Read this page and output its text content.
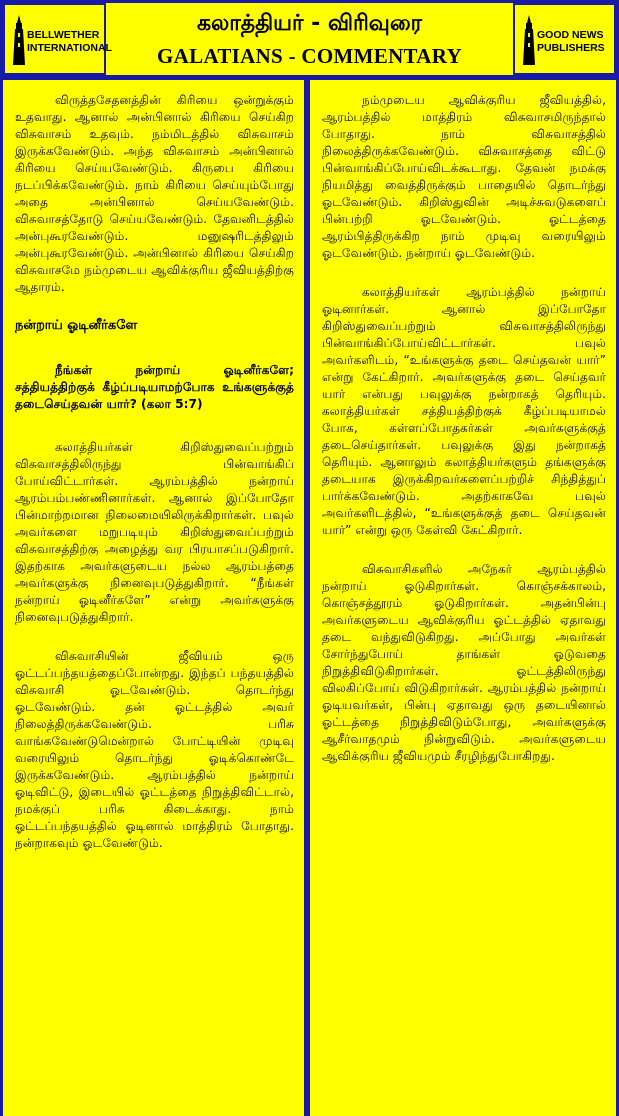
BELLWETHER
INTERNATIONAL
கலாத்தியர் - விரிவுரை
GALATIANS - COMMENTARY
GOOD NEWS
PUBLISHERS

விருத்தசேதனத்தின் கிரியை ஒன்றுக்கும் உதவாது. ஆனால் அன்பினால் கிரியை செய்கிற விசுவாசம் உதவும். நம்மிடத்தில் விசுவாசம் இருக்கவேண்டும். அந்த விசுவாசம் அன்பினால் கிரியை செய்யவேண்டும். கிருபை கிரியை நடப்பிக்கவேண்டும். நாம் கிரியை செய்யும்போது அதை அன்பினால் செய்யவேண்டும். விசுவாசத்தோடு செய்யவேண்டும். தேவனிடத்தில் அன்புகூரவேண்டும். மனுஷரிடத்திலும் அன்புகூரவேண்டும். அன்பினால் கிரியை செய்கிற விசுவாசமே நம்முடைய ஆவிக்குரிய ஜீவியத்திற்கு ஆதாரம்.

நன்றாய் ஓடினீர்களே

நீங்கள் நன்றாய் ஓடினீர்களே; சத்தியத்திற்குக் கீழ்ப்படியாமற்போக உங்களுக்குத் தடைசெய்தவன் யார்? (கலா 5:7)

கலாத்தியர்கள் கிறிஸ்துவைப்பற்றும் விசுவாசத்திலிருந்து பின்வாங்கிப் போய்விட்டார்கள். ஆரம்பத்தில் நன்றாய் ஆரம்பம்பண்ணினார்கள். ஆனால் இப்போதோ பின்மாற்றமான நிலைமையிலிருக்கிறார்கள். பவுல் அவர்களை மறுபடியும் கிறிஸ்துவைப்பற்றும் விசுவாசத்திற்கு அழைத்து வர பிரயாசப்படுகிறார். இதற்காக அவர்களுடைய நல்ல ஆரம்பத்தை அவர்களுக்கு நினைவுபடுத்துகிறார். “நீங்கள் நன்றாய் ஓடினீர்களே” என்று அவர்களுக்கு நினைவுபடுத்துகிறார்.

விசுவாசியின் ஜீவியம் ஒரு ஓட்டப்பந்தயத்தைப்போன்றது. இந்தப் பந்தயத்தில் விசுவாசி ஓடவேண்டும். தொடர்ந்து ஓடவேண்டும். தன் ஓட்டத்தில் அவர் நிலைத்திருக்கவேண்டும். பரிசு வாங்கவேண்டுமென்றால் போட்டியின் முடிவு வரையிலும் தொடர்ந்து ஓடிக்கொண்டே இருக்கவேண்டும். ஆரம்பத்தில் நன்றாய் ஓடிவிட்டு, இடையில் ஓட்டத்தை நிறுத்திவிட்டால், நமக்குப் பரிசு கிடைக்காது. நாம் ஓட்டப்பந்தயத்தில் ஓடினால் மாத்திரம் போதாது. நன்றாகவும் ஓடவேண்டும்.

நம்முடைய ஆவிக்குரிய ஜீவியத்தில், ஆரம்பத்தில் மாத்திரம் விசுவாசமிருந்தால் போதாது. நாம் விசுவாசத்தில் நிலைத்திருக்கவேண்டும். விசுவாசத்தை விட்டு பின்வாங்கிப்போய்விடக்கூடாது. தேவன் நமக்கு நியமித்து வைத்திருக்கும் பாதையில் தொடர்ந்து ஓடவேண்டும். கிறிஸ்துவின் அடிச்சுவடுகளைப் பின்பற்றி ஓடவேண்டும். ஓட்டத்தை ஆரம்பித்திருக்கிற நாம் முடிவு வரையிலும் ஓடவேண்டும். நன்றாய் ஓடவேண்டும்.

கலாத்தியர்கள் ஆரம்பத்தில் நன்றாய் ஓடினார்கள். ஆனால் இப்போதோ கிறிஸ்துவைப்பற்றும் விசுவாசத்திலிருந்து பின்வாங்கிப்போய்விட்டார்கள். பவுல் அவர்களிடம், “உங்களுக்கு தடை செய்தவன் யார்” என்று கேட்கிறார். அவர்களுக்கு தடை செய்தவர் யார் என்பது பவுலுக்கு நன்றாகத் தெரியும். கலாத்தியர்கள் சத்தியத்திற்குக் கீழ்ப்படியாமல் போக, கள்ளப்போதகர்கள் அவர்களுக்குத் தடைசெய்தார்கள். பவுலுக்கு இது நன்றாகத் தெரியும். ஆனாலும் கலாத்தியர்களும் தங்களுக்கு தடையாக இருக்கிறவர்களைப்பற்றிச் சிந்தித்துப் பார்க்கவேண்டும். அதற்காகவே பவுல் அவர்களிடத்தில், “உங்களுக்குத் தடை செய்தவன் யார்” என்று ஒரு கேள்வி கேட்கிறார்.

விசுவாசிகளில் அநேகர் ஆரம்பத்தில் நன்றாய் ஓடுகிறார்கள். கொஞ்சக்காலம், கொஞ்சத்தூரம் ஓடுகிறார்கள். அதன்பின்பு அவர்களுடைய ஆவிக்குரிய ஓட்டத்தில் ஏதாவது தடை வந்துவிடுகிறது. அப்போது அவர்கள் சோர்ந்துபோய் தாங்கள் ஓடுவதை நிறுத்திவிடுகிறார்கள். ஓட்டத்திலிருந்து விலகிப்போய் விடுகிறார்கள். ஆரம்பத்தில் நன்றாய் ஓடியவர்கள், பின்பு ஏதாவது ஒரு தடையினால் ஓட்டத்தை நிறுத்திவிடும்போது, அவர்களுக்கு ஆசீர்வாதமும் நின்றுவிடும். அவர்களுடைய ஆவிக்குரிய ஜீவியமும் சீரழிந்துபோகிறது.
